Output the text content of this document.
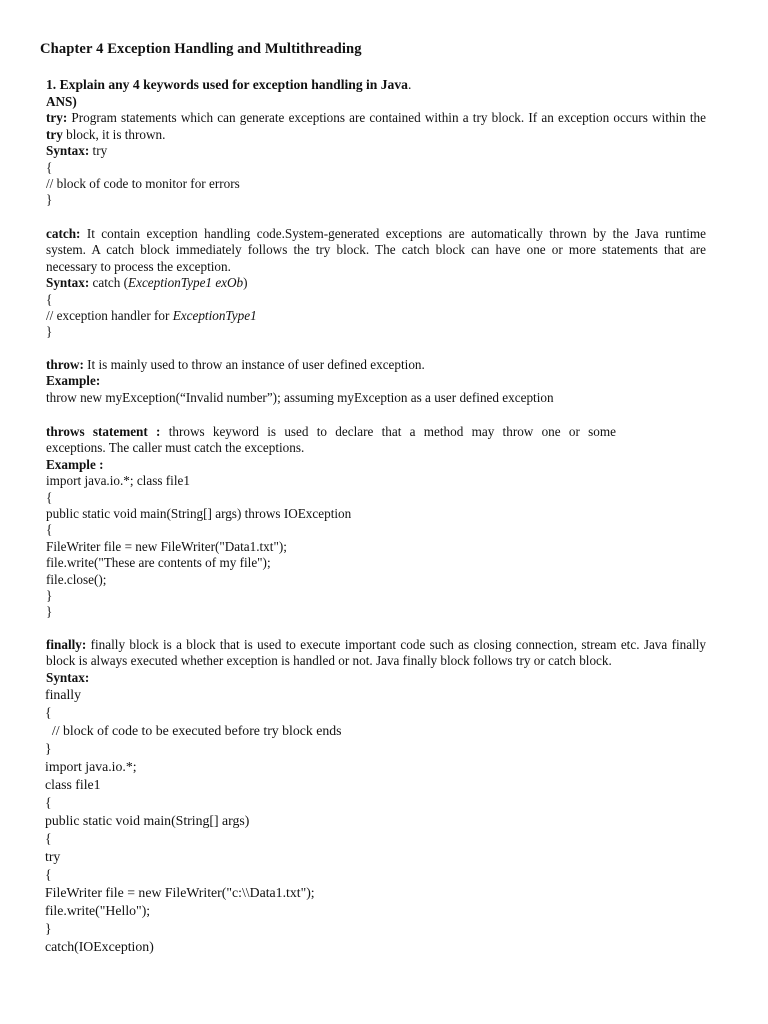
Chapter 4 Exception Handling and Multithreading
1. Explain any 4 keywords used for exception handling in Java.
ANS)
try: Program statements which can generate exceptions are contained within a try block. If an exception occurs within the try block, it is thrown.
Syntax: try
{
// block of code to monitor for errors
}
catch: It contain exception handling code.System-generated exceptions are automatically thrown by the Java runtime system. A catch block immediately follows the try block. The catch block can have one or more statements that are necessary to process the exception.
Syntax: catch (ExceptionType1 exOb)
{
// exception handler for ExceptionType1
}
throw: It is mainly used to throw an instance of user defined exception.
Example:
throw new myException(“Invalid number”); assuming myException as a user defined exception
throws statement : throws keyword is used to declare that a method may throw one or some
exceptions. The caller must catch the exceptions.
Example :
import java.io.*; class file1
{
public static void main(String[] args) throws IOException
{
FileWriter file = new FileWriter("Data1.txt");
file.write("These are contents of my file");
file.close();
}
}
finally: finally block is a block that is used to execute important code such as closing connection, stream etc. Java finally block is always executed whether exception is handled or not. Java finally block follows try or catch block.
Syntax:
finally
{
// block of code to be executed before try block ends
}
import java.io.*;
class file1
{
public static void main(String[] args)
{
try
{
FileWriter file = new FileWriter("c:\\Data1.txt");
file.write("Hello");
}
catch(IOException)
